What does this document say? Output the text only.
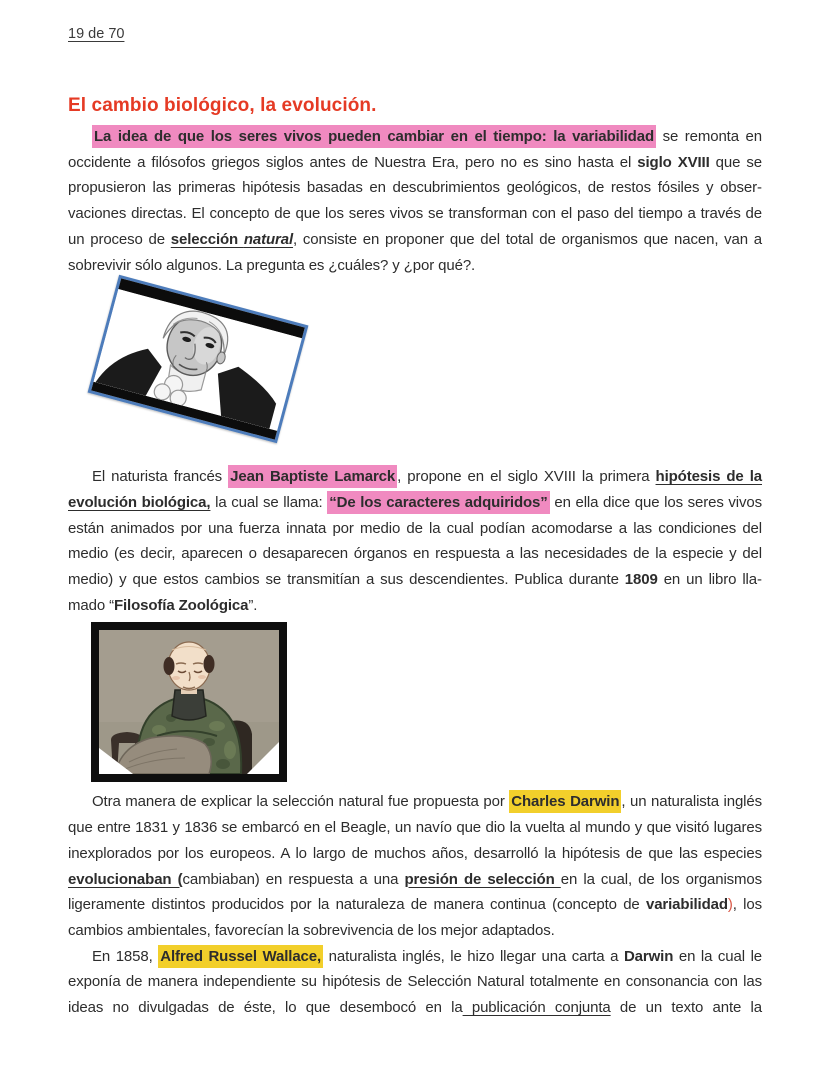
19 de 70
El cambio biológico, la evolución.

La idea de que los seres vivos pueden cambiar en el tiempo: la variabilidad se remonta en occidente a filósofos griegos siglos antes de Nuestra Era, pero no es sino hasta el siglo XVIII que se propusieron las primeras hipótesis basadas en descubrimientos geológicos, de restos fósiles y observaciones directas. El concepto de que los seres vivos se transforman con el paso del tiempo a través de un proceso de selección natural, consiste en proponer que del total de organismos que nacen, van a sobrevivir sólo algunos. La pregunta es ¿cuáles? y ¿por qué?.

El naturista francés Jean Baptiste Lamarck , propone en el siglo XVIII la primera hipótesis de la evolución biológica, la cual se llama: “De los caracteres adquiridos” en ella dice que los seres vivos están animados por una fuerza innata por medio de la cual podían acomodarse a las condiciones del medio (es decir, aparecen o desaparecen órganos en respuesta a las necesidades de la especie y del medio) y que estos cambios se transmitían a sus descendientes. Publica durante 1809 en un libro llamado “Filosofía Zoológica”.

Otra manera de explicar la selección natural fue propuesta por Charles Darwin , un naturalista inglés que entre 1831 y 1836 se embarcó en el Beagle, un navío que dio la vuelta al mundo y que visitó lugares inexplorados por los europeos. A lo largo de muchos años, desarrolló la hipótesis de que las especies evolucionaban (cambiaban) en respuesta a una presión de selección en la cual, de los organismos ligeramente distintos producidos por la naturaleza de manera continua (concepto de variabilidad), los cambios ambientales, favorecían la sobrevivencia de los mejor adaptados.

En 1858, Alfred Russel Wallace, naturalista inglés, le hizo llegar una carta a Darwin en la cual le exponía de manera independiente su hipótesis de Selección Natural totalmente en consonancia con las ideas no divulgadas de éste, lo que desembocó en la publicación conjunta de un texto ante la
